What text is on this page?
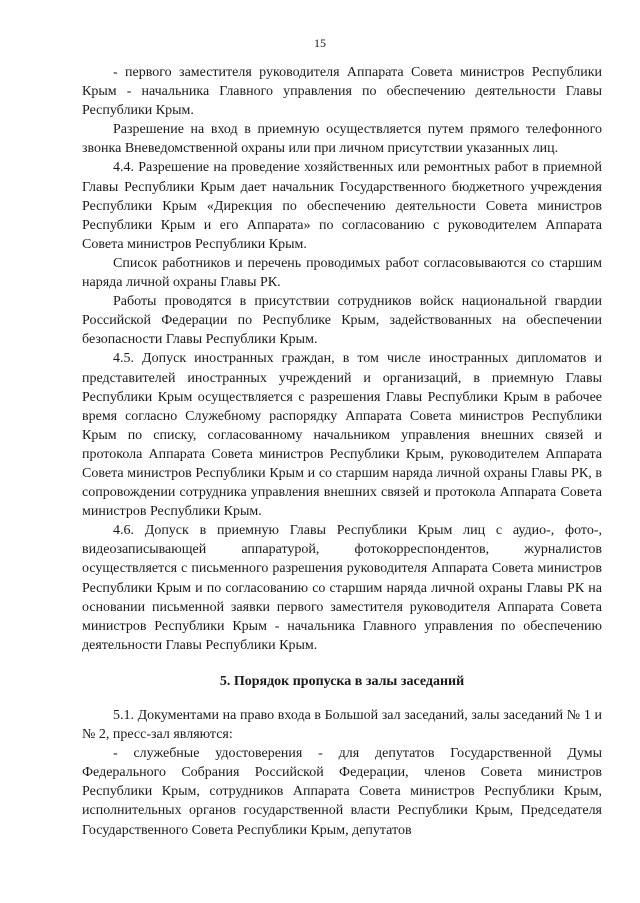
15

- первого заместителя руководителя Аппарата Совета министров Республики Крым - начальника Главного управления по обеспечению деятельности Главы Республики Крым.

Разрешение на вход в приемную осуществляется путем прямого телефонного звонка Вневедомственной охраны или при личном присутствии указанных лиц.

4.4. Разрешение на проведение хозяйственных или ремонтных работ в приемной Главы Республики Крым дает начальник Государственного бюджетного учреждения Республики Крым «Дирекция по обеспечению деятельности Совета министров Республики Крым и его Аппарата» по согласованию с руководителем Аппарата Совета министров Республики Крым.

Список работников и перечень проводимых работ согласовываются со старшим наряда личной охраны Главы РК.

Работы проводятся в присутствии сотрудников войск национальной гвардии Российской Федерации по Республике Крым, задействованных на обеспечении безопасности Главы Республики Крым.

4.5. Допуск иностранных граждан, в том числе иностранных дипломатов и представителей иностранных учреждений и организаций, в приемную Главы Республики Крым осуществляется с разрешения Главы Республики Крым в рабочее время согласно Служебному распорядку Аппарата Совета министров Республики Крым по списку, согласованному начальником управления внешних связей и протокола Аппарата Совета министров Республики Крым, руководителем Аппарата Совета министров Республики Крым и со старшим наряда личной охраны Главы РК, в сопровождении сотрудника управления внешних связей и протокола Аппарата Совета министров Республики Крым.

4.6. Допуск в приемную Главы Республики Крым лиц с аудио-, фото-, видеозаписывающей аппаратурой, фотокорреспондентов, журналистов осуществляется с письменного разрешения руководителя Аппарата Совета министров Республики Крым и по согласованию со старшим наряда личной охраны Главы РК на основании письменной заявки первого заместителя руководителя Аппарата Совета министров Республики Крым - начальника Главного управления по обеспечению деятельности Главы Республики Крым.

5. Порядок пропуска в залы заседаний

5.1. Документами на право входа в Большой зал заседаний, залы заседаний № 1 и № 2, пресс-зал являются:

- служебные удостоверения - для депутатов Государственной Думы Федерального Собрания Российской Федерации, членов Совета министров Республики Крым, сотрудников Аппарата Совета министров Республики Крым, исполнительных органов государственной власти Республики Крым, Председателя Государственного Совета Республики Крым, депутатов
